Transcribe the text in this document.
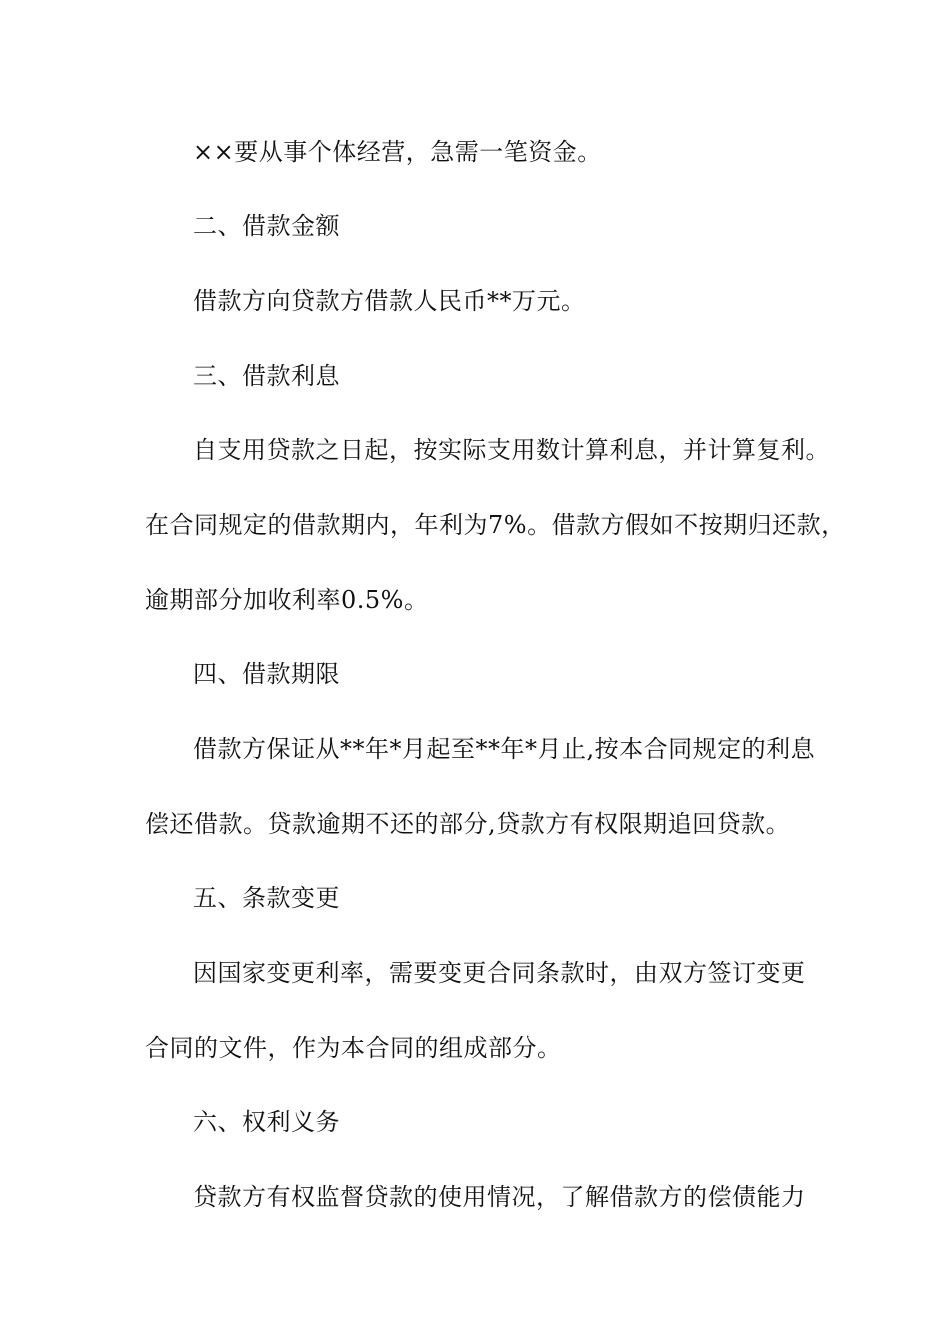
××要从事个体经营，急需一笔资金。
二、借款金额
借款方向贷款方借款人民币**万元。
三、借款利息
自支用贷款之日起，按实际支用数计算利息，并计算复利。
在合同规定的借款期内，年利为7%。借款方假如不按期归还款，
逾期部分加收利率0.5%。
四、借款期限
借款方保证从**年*月起至**年*月止,按本合同规定的利息
偿还借款。贷款逾期不还的部分,贷款方有权限期追回贷款。
五、条款变更
因国家变更利率，需要变更合同条款时，由双方签订变更
合同的文件，作为本合同的组成部分。
六、权利义务
贷款方有权监督贷款的使用情况，了解借款方的偿债能力
